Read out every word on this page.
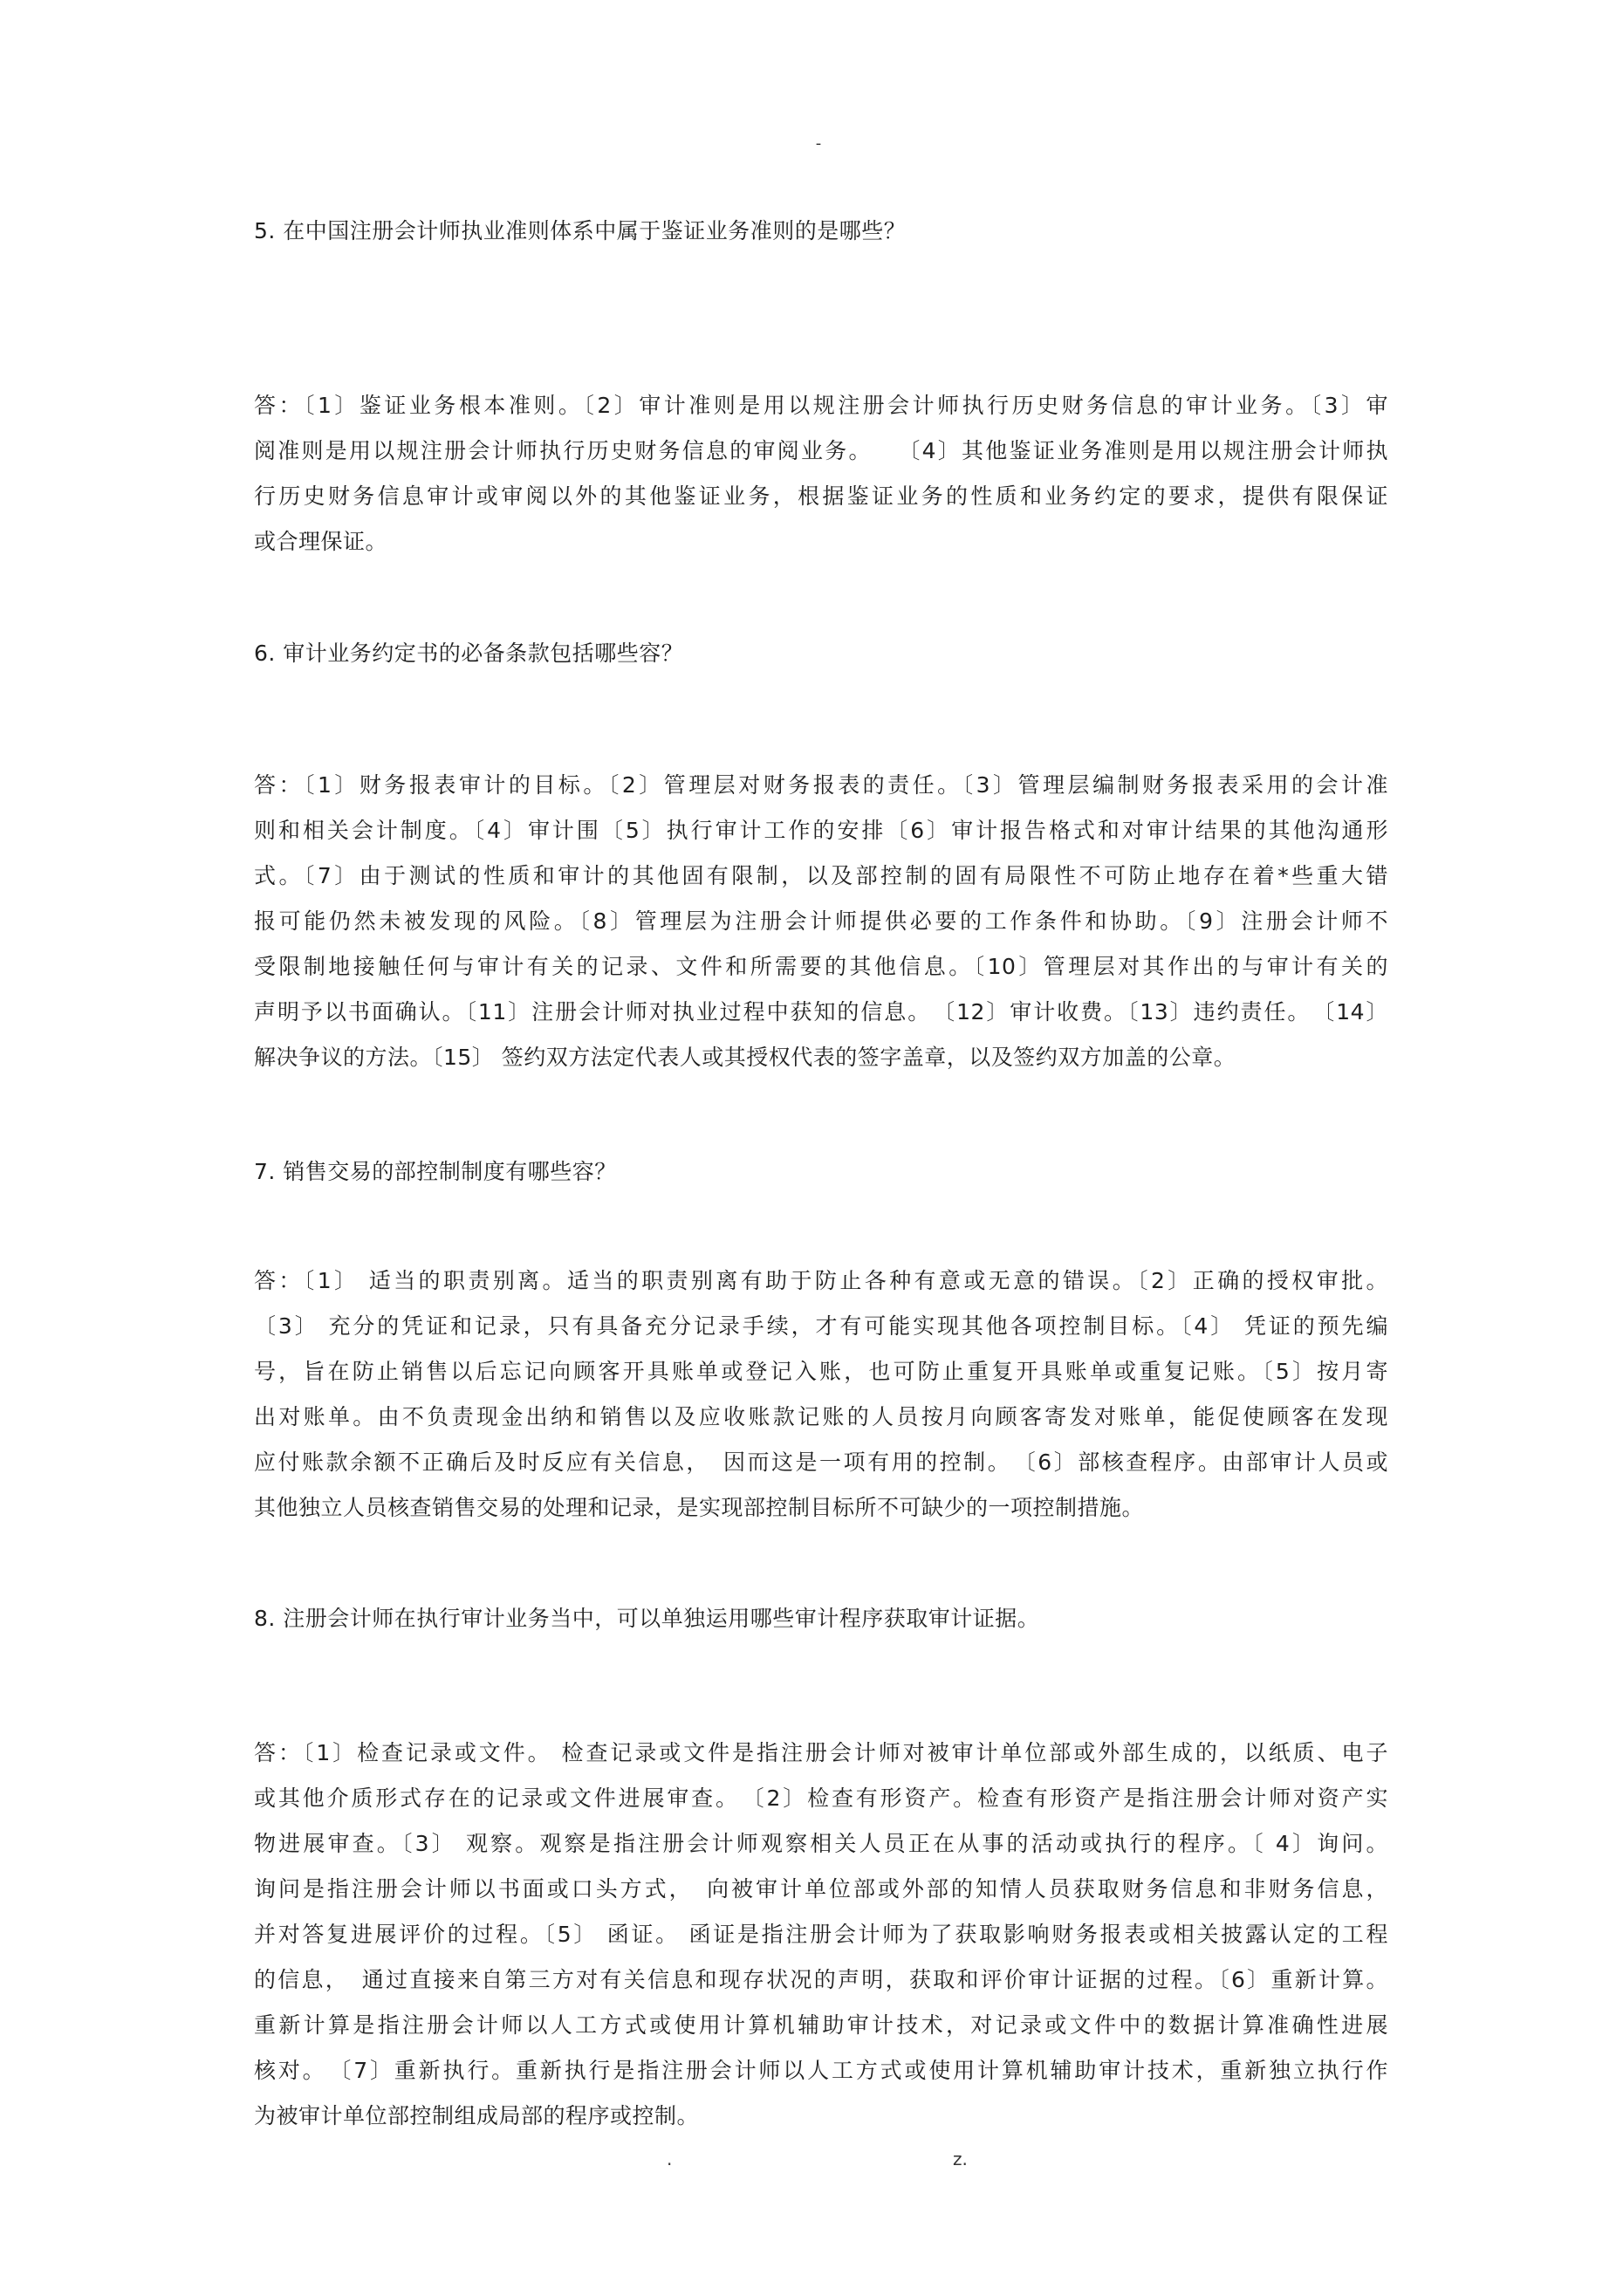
-
5. 在中国注册会计师执业准则体系中属于鉴证业务准则的是哪些？
答：〔1〕鉴证业务根本准则。〔2〕审计准则是用以规注册会计师执行历史财务信息的审计业务。〔3〕审
阅准则是用以规注册会计师执行历史财务信息的审阅业务。　　〔4〕其他鉴证业务准则是用以规注册会计师执
行历史财务信息审计或审阅以外的其他鉴证业务，根据鉴证业务的性质和业务约定的要求，提供有限保证
或合理保证。
6. 审计业务约定书的必备条款包括哪些容？
答：〔1〕财务报表审计的目标。〔2〕管理层对财务报表的责任。〔3〕管理层编制财务报表采用的会计准
则和相关会计制度。〔4〕审计围〔5〕执行审计工作的安排〔6〕审计报告格式和对审计结果的其他沟通形
式。〔7〕由于测试的性质和审计的其他固有限制，以及部控制的固有局限性不可防止地存在着*些重大错
报可能仍然未被发现的风险。〔8〕管理层为注册会计师提供必要的工作条件和协助。〔9〕注册会计师不
受限制地接触任何与审计有关的记录、文件和所需要的其他信息。〔10〕管理层对其作出的与审计有关的
声明予以书面确认。〔11〕注册会计师对执业过程中获知的信息。　〔12〕审计收费。〔13〕违约责任。　〔14〕
解决争议的方法。〔15〕 签约双方法定代表人或其授权代表的签字盖章，以及签约双方加盖的公章。
7. 销售交易的部控制制度有哪些容？
答：〔1〕 适当的职责别离。适当的职责别离有助于防止各种有意或无意的错误。〔2〕正确的授权审批。
〔3〕 充分的凭证和记录，只有具备充分记录手续，才有可能实现其他各项控制目标。〔4〕 凭证的预先编
号，旨在防止销售以后忘记向顾客开具账单或登记入账，也可防止重复开具账单或重复记账。〔5〕按月寄
出对账单。由不负责现金出纳和销售以及应收账款记账的人员按月向顾客寄发对账单，能促使顾客在发现
应付账款余额不正确后及时反应有关信息，　因而这是一项有用的控制。　〔6〕部核查程序。由部审计人员或
其他独立人员核查销售交易的处理和记录，是实现部控制目标所不可缺少的一项控制措施。
8. 注册会计师在执行审计业务当中，可以单独运用哪些审计程序获取审计证据。
答：〔1〕检查记录或文件。 检查记录或文件是指注册会计师对被审计单位部或外部生成的，以纸质、电子
或其他介质形式存在的记录或文件进展审查。　〔2〕检查有形资产。检查有形资产是指注册会计师对资产实
物进展审查。〔3〕 观察。观察是指注册会计师观察相关人员正在从事的活动或执行的程序。〔 4〕询问。
询问是指注册会计师以书面或口头方式，　向被审计单位部或外部的知情人员获取财务信息和非财务信息，
并对答复进展评价的过程。〔5〕 函证。 函证是指注册会计师为了获取影响财务报表或相关披露认定的工程
的信息，　通过直接来自第三方对有关信息和现存状况的声明，获取和评价审计证据的过程。〔6〕重新计算。
重新计算是指注册会计师以人工方式或使用计算机辅助审计技术，对记录或文件中的数据计算准确性进展
核对。　〔7〕重新执行。重新执行是指注册会计师以人工方式或使用计算机辅助审计技术，重新独立执行作
为被审计单位部控制组成局部的程序或控制。
.	z.
